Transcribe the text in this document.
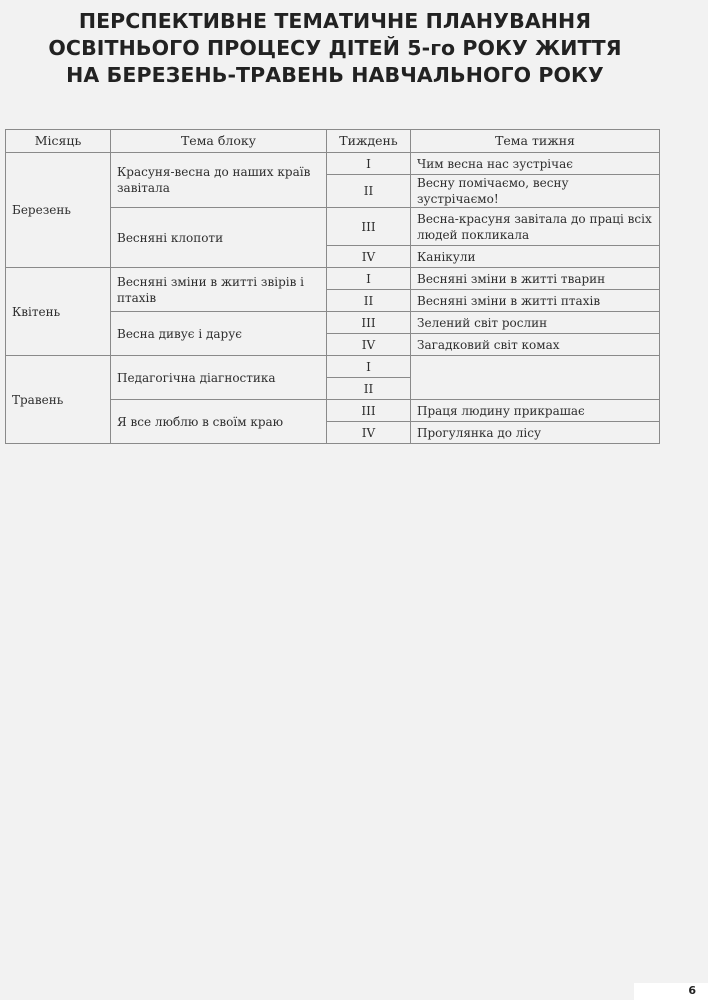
ПЕРСПЕКТИВНЕ ТЕМАТИЧНЕ ПЛАНУВАННЯ
ОСВІТНЬОГО ПРОЦЕСУ ДІТЕЙ 5-го РОКУ ЖИТТЯ
НА БЕРЕЗЕНЬ-ТРАВЕНЬ НАВЧАЛЬНОГО РОКУ
Місяць	Тема блоку	Тиждень	Тема тижня
Березень	Красуня-весна до наших країв завітала	I	Чим весна нас зустрічає
		II	Весну помічаємо, весну зустрічаємо!
	Весняні клопоти	III	Весна-красуня завітала до праці всіх людей покликала
		IV	Канікули
Квітень	Весняні зміни в житті звірів і птахів	I	Весняні зміни в житті тварин
		II	Весняні зміни в житті птахів
	Весна дивує і дарує	III	Зелений світ рослин
		IV	Загадковий світ комах
Травень	Педагогічна діагностика	I	
		II	
	Я все люблю в своїм краю	III	Праця людину прикрашає
		IV	Прогулянка до лісу
6
